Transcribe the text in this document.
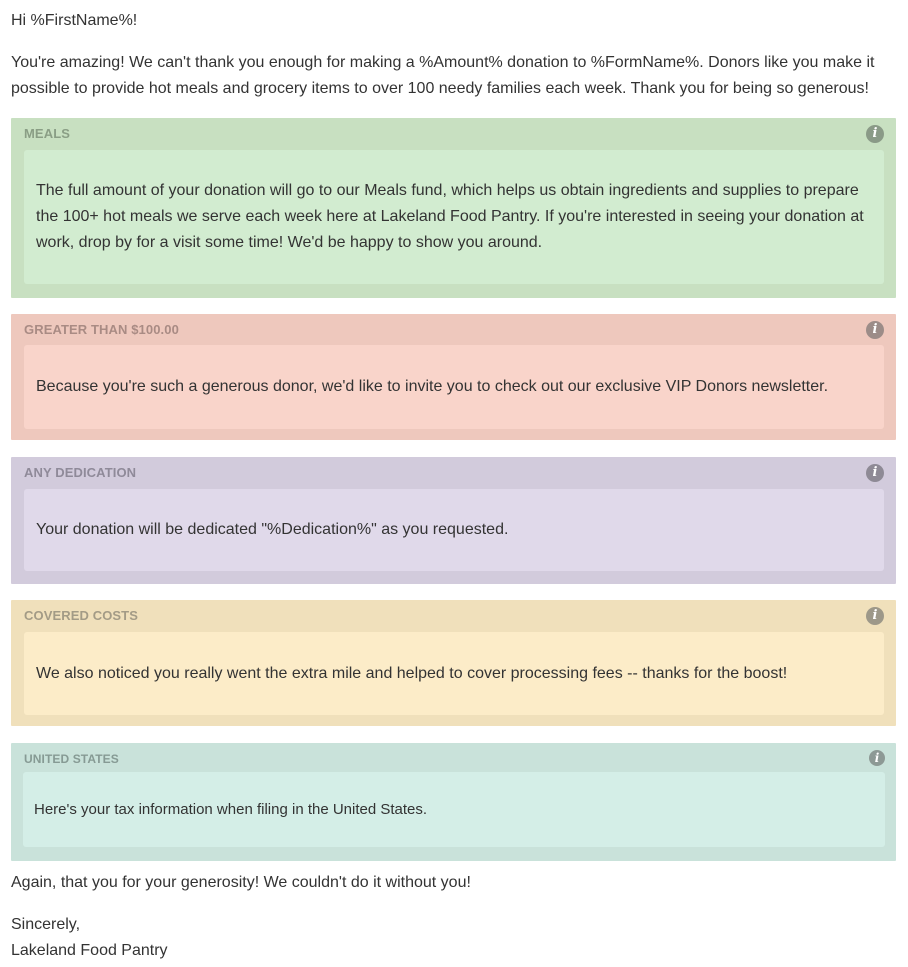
Hi %FirstName%!

You're amazing! We can't thank you enough for making a %Amount% donation to %FormName%. Donors like you make it possible to provide hot meals and grocery items to over 100 needy families each week. Thank you for being so generous!

MEALS	i

The full amount of your donation will go to our Meals fund, which helps us obtain ingredients and supplies to prepare the 100+ hot meals we serve each week here at Lakeland Food Pantry. If you're interested in seeing your donation at work, drop by for a visit some time! We'd be happy to show you around.

GREATER THAN $100.00	i

Because you're such a generous donor, we'd like to invite you to check out our exclusive VIP Donors newsletter.

ANY DEDICATION	i

Your donation will be dedicated "%Dedication%" as you requested.

COVERED COSTS	i

We also noticed you really went the extra mile and helped to cover processing fees -- thanks for the boost!

UNITED STATES	i

Here's your tax information when filing in the United States.

Again, that you for your generosity! We couldn't do it without you!

Sincerely,

Lakeland Food Pantry
